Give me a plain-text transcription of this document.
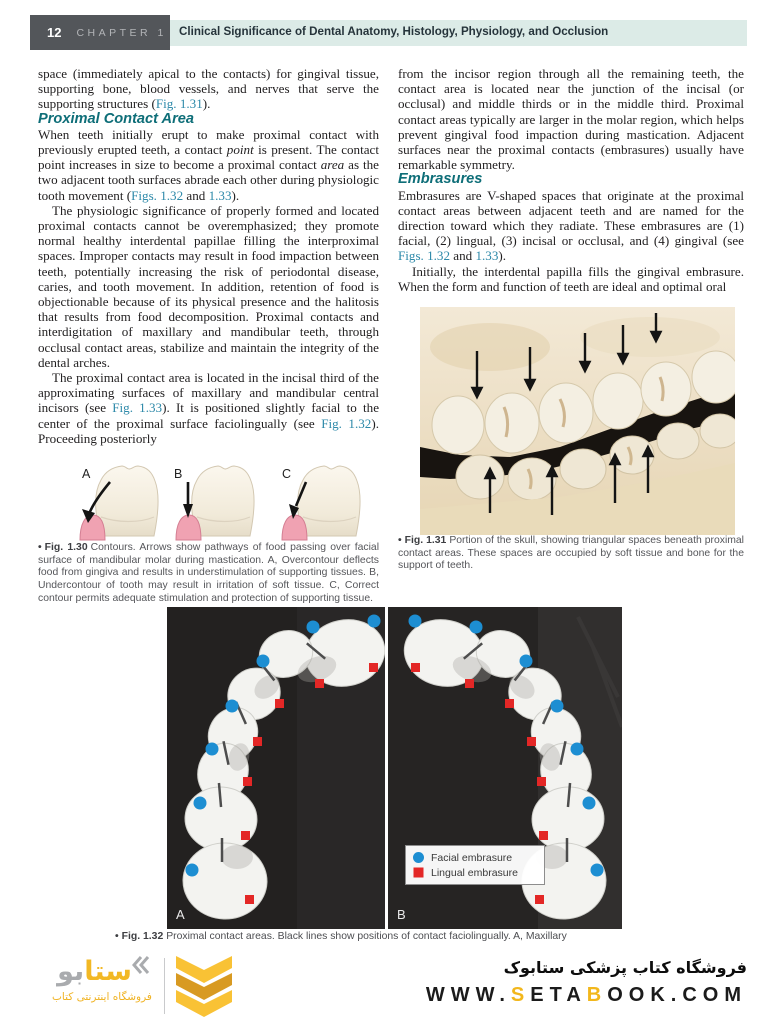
12 CHAPTER 1 Clinical Significance of Dental Anatomy, Histology, Physiology, and Occlusion

space (immediately apical to the contacts) for gingival tissue, supporting bone, blood vessels, and nerves that serve the supporting structures (Fig. 1.31).

Proximal Contact Area

When teeth initially erupt to make proximal contact with previously erupted teeth, a contact point is present. The contact point increases in size to become a proximal contact area as the two adjacent tooth surfaces abrade each other during physiologic tooth movement (Figs. 1.32 and 1.33).

The physiologic significance of properly formed and located proximal contacts cannot be overemphasized; they promote normal healthy interdental papillae filling the interproximal spaces. Improper contacts may result in food impaction between teeth, potentially increasing the risk of periodontal disease, caries, and tooth movement. In addition, retention of food is objectionable because of its physical presence and the halitosis that results from food decomposition. Proximal contacts and interdigitation of maxillary and mandibular teeth, through occlusal contact areas, stabilize and maintain the integrity of the dental arches.

The proximal contact area is located in the incisal third of the approximating surfaces of maxillary and mandibular central incisors (see Fig. 1.33). It is positioned slightly facial to the center of the proximal surface faciolingually (see Fig. 1.32). Proceeding posteriorly

A	B	C

• Fig. 1.30 Contours. Arrows show pathways of food passing over facial surface of mandibular molar during mastication. A, Overcontour deflects food from gingiva and results in understimulation of supporting tissues. B, Undercontour of tooth may result in irritation of soft tissue. C, Correct contour permits adequate stimulation and protection of supporting tissue.

from the incisor region through all the remaining teeth, the contact area is located near the junction of the incisal (or occlusal) and middle thirds or in the middle third. Proximal contact areas typically are larger in the molar region, which helps prevent gingival food impaction during mastication. Adjacent surfaces near the proximal contacts (embrasures) usually have remarkable symmetry.

Embrasures

Embrasures are V-shaped spaces that originate at the proximal contact areas between adjacent teeth and are named for the direction toward which they radiate. These embrasures are (1) facial, (2) lingual, (3) incisal or occlusal, and (4) gingival (see Figs. 1.32 and 1.33).

Initially, the interdental papilla fills the gingival embrasure. When the form and function of teeth are ideal and optimal oral

• Fig. 1.31 Portion of the skull, showing triangular spaces beneath proximal contact areas. These spaces are occupied by soft tissue and bone for the support of teeth.

A	B
Facial embrasure
Lingual embrasure
• Fig. 1.32 Proximal contact areas. Black lines show positions of contact faciolingually. A, Maxillary
ستابو
فروشگاه اینترنتی کتاب
فروشگاه کتاب پزشکی ستابوک
WWW.SETABOOK.COM
